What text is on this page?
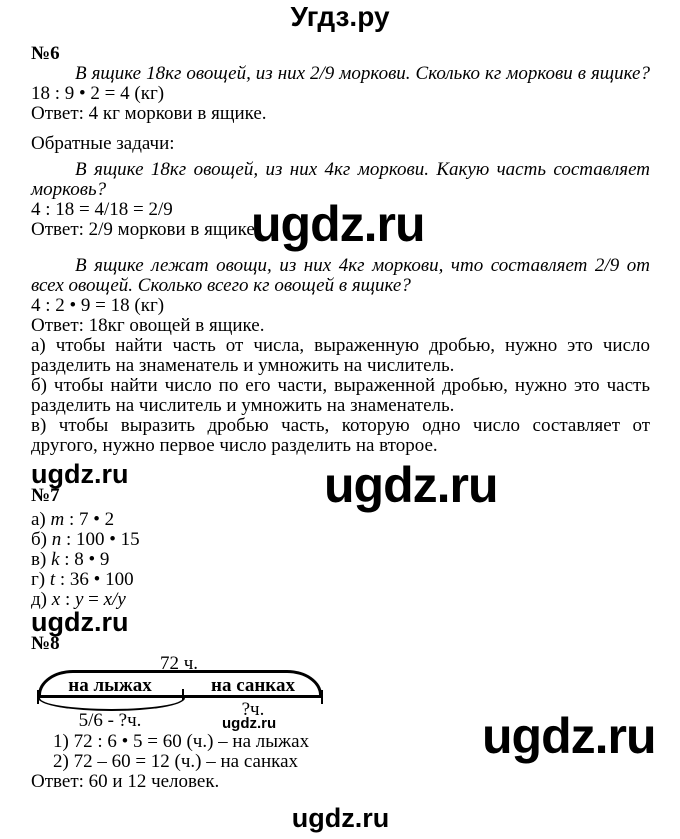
Угдз.ру
ugdz.ru
ugdz.ru
ugdz.ru
ugdz.ru
№6

В ящике 18кг овощей, из них 2/9 моркови. Сколько кг моркови в ящике?

18 : 9 • 2 = 4 (кг)
Ответ: 4 кг моркови в ящике.
Обратные задачи:

В ящике 18кг овощей, из них 4кг моркови. Какую часть составляет морковь?

4 : 18 = 4/18 = 2/9
Ответ: 2/9 моркови в ящике.

В ящике лежат овощи, из них 4кг моркови, что составляет 2/9 от всех овощей. Сколько всего кг овощей в ящике?

4 : 2 • 9 = 18 (кг)
Ответ: 18кг овощей в ящике.

а) чтобы найти часть от числа, выраженную дробью, нужно это число разделить на знаменатель и умножить на числитель.

б) чтобы найти число по его части, выраженной дробью, нужно это часть разделить на числитель и умножить на знаменатель.

в) чтобы выразить дробью часть, которую одно число составляет от другого, нужно первое число разделить на второе.

ugdz.ru
№7
а) m : 7 • 2
б) n : 100 • 15
в) k : 8 • 9
г) t : 36 • 100
д) x : y = x/y
ugdz.ru
№8
72 ч.
на лыжах	на санках
5/6 - ?ч.
?ч.
1) 72 : 6 • 5 = 60 (ч.) – на лыжах
2) 72 – 60 = 12 (ч.) – на санках
Ответ: 60 и 12 человек.
ugdz.ru
